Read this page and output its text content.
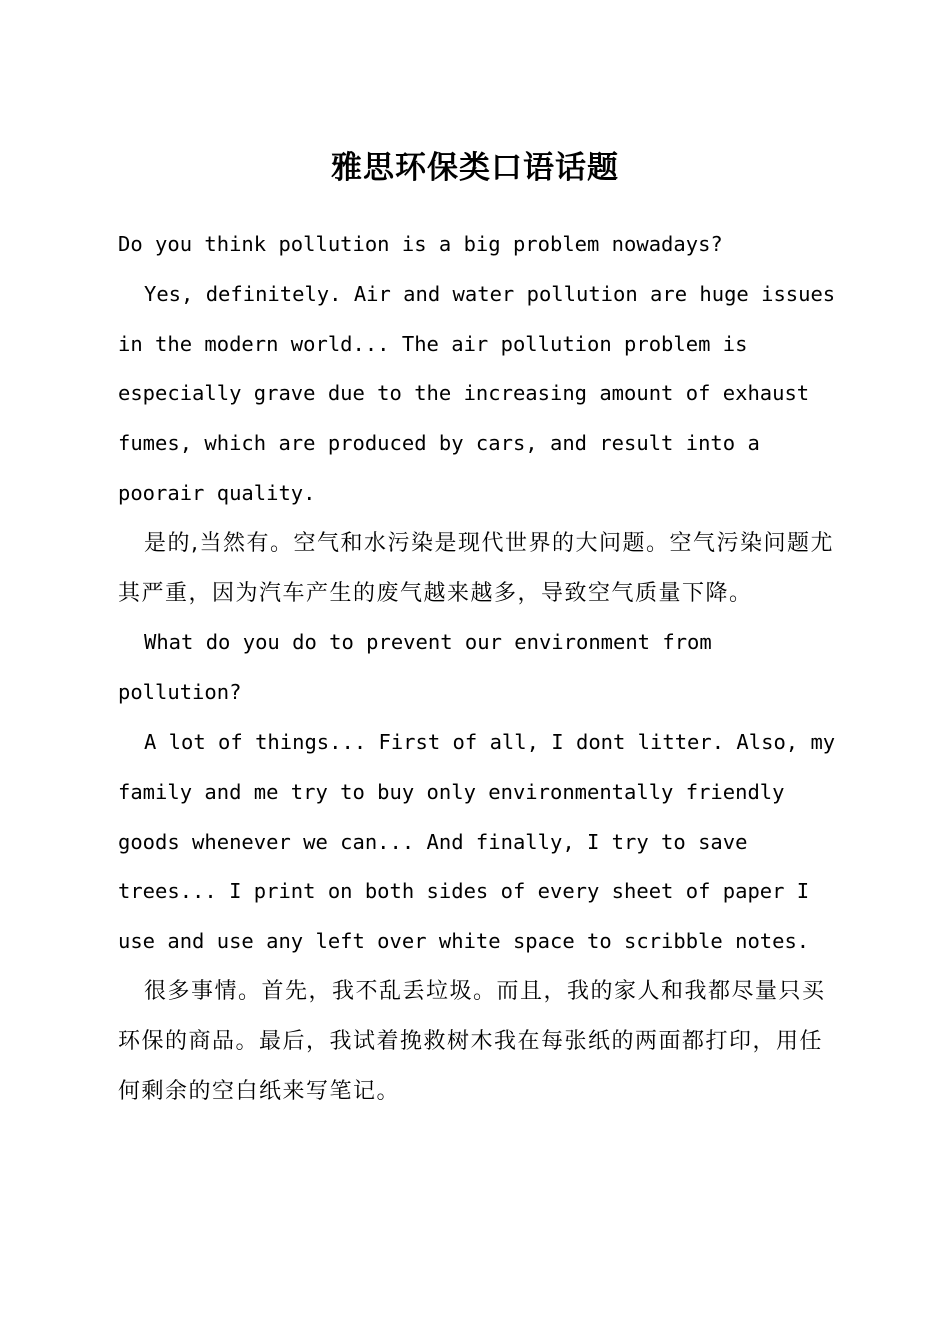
雅思环保类口语话题

Do you think pollution is a big problem nowadays?

Yes, definitely. Air and water pollution are huge issues in the modern world... The air pollution problem is especially grave due to the increasing amount of exhaust fumes, which are produced by cars, and result into a poorair quality.

是的,当然有。空气和水污染是现代世界的大问题。空气污染问题尤其严重，因为汽车产生的废气越来越多，导致空气质量下降。

What do you do to prevent our environment from pollution?

A lot of things... First of all, I dont litter. Also, my family and me try to buy only environmentally friendly goods whenever we can... And finally, I try to save trees... I print on both sides of every sheet of paper I use and use any left over white space to scribble notes.

很多事情。首先，我不乱丢垃圾。而且，我的家人和我都尽量只买环保的商品。最后，我试着挽救树木我在每张纸的两面都打印，用任何剩余的空白纸来写笔记。
